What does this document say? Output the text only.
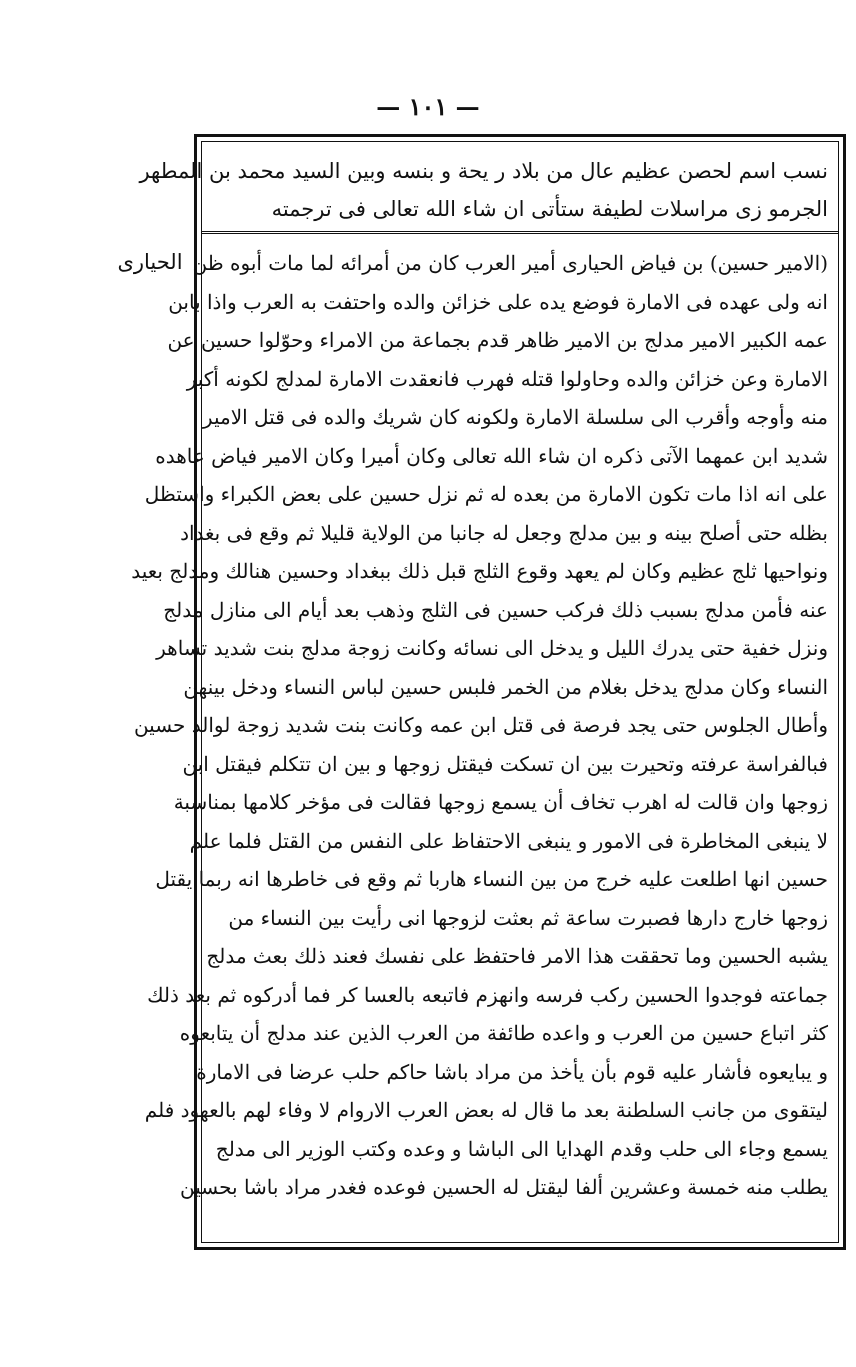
— ١٠١ —
الحيارى
نسب اسم لحصن عظيم عال من بلاد ر يحة و بنسه وبين السيد محمد بن المطهر
الجرمو زى مراسلات لطيفة ستأتى ان شاء الله تعالى فى ترجمته
(الامير حسين) بن فياض الحيارى أمير العرب كان من أمرائه لما مات أبوه ظن
انه ولى عهده فى الامارة فوضع يده على خزائن والده واحتفت به العرب واذا بابن
عمه الكبير الامير مدلج بن الامير ظاهر قدم بجماعة من الامراء وحوّلوا حسين عن
الامارة وعن خزائن والده وحاولوا قتله فهرب فانعقدت الامارة لمدلج لكونه أكبر
منه وأوجه وأقرب الى سلسلة الامارة ولكونه كان شريك والده فى قتل الامير
شديد ابن عمهما الآتى ذكره ان شاء الله تعالى وكان أميرا وكان الامير فياض عاهده
على انه اذا مات تكون الامارة من بعده له ثم نزل حسين على بعض الكبراء واستظل
بظله حتى أصلح بينه و بين مدلج وجعل له جانبا من الولاية قليلا ثم وقع فى بغداد
ونواحيها ثلج عظيم وكان لم يعهد وقوع الثلج قبل ذلك ببغداد وحسين هنالك ومدلج بعيد
عنه فأمن مدلج بسبب ذلك فركب حسين فى الثلج وذهب بعد أيام الى منازل مدلج
ونزل خفية حتى يدرك الليل و يدخل الى نسائه وكانت زوجة مدلج بنت شديد تساهر
النساء وكان مدلج يدخل بغلام من الخمر فلبس حسين لباس النساء ودخل بينهن
وأطال الجلوس حتى يجد فرصة فى قتل ابن عمه وكانت بنت شديد زوجة لوالد حسين
فبالفراسة عرفته وتحيرت بين ان تسكت فيقتل زوجها و بين ان تتكلم فيقتل ابن
زوجها وان قالت له اهرب تخاف أن يسمع زوجها فقالت فى مؤخر كلامها بمناسبة
لا ينبغى المخاطرة فى الامور و ينبغى الاحتفاظ على النفس من القتل فلما علم
حسين انها اطلعت عليه خرج من بين النساء هاربا ثم وقع فى خاطرها انه ربما يقتل
زوجها خارج دارها فصبرت ساعة ثم بعثت لزوجها انى رأيت بين النساء من
يشبه الحسين وما تحققت هذا الامر فاحتفظ على نفسك فعند ذلك بعث مدلج
جماعته فوجدوا الحسين ركب فرسه وانهزم فاتبعه بالعسا كر فما أدركوه ثم بعد ذلك
كثر اتباع حسين من العرب و واعده طائفة من العرب الذين عند مدلج أن يتابعوه
و يبايعوه فأشار عليه قوم بأن يأخذ من مراد باشا حاكم حلب عرضا فى الامارة
ليتقوى من جانب السلطنة بعد ما قال له بعض العرب الاروام لا وفاء لهم بالعهود فلم
يسمع وجاء الى حلب وقدم الهدايا الى الباشا و وعده وكتب الوزير الى مدلج
يطلب منه خمسة وعشرين ألفا ليقتل له الحسين فوعده فغدر مراد باشا بحسين
